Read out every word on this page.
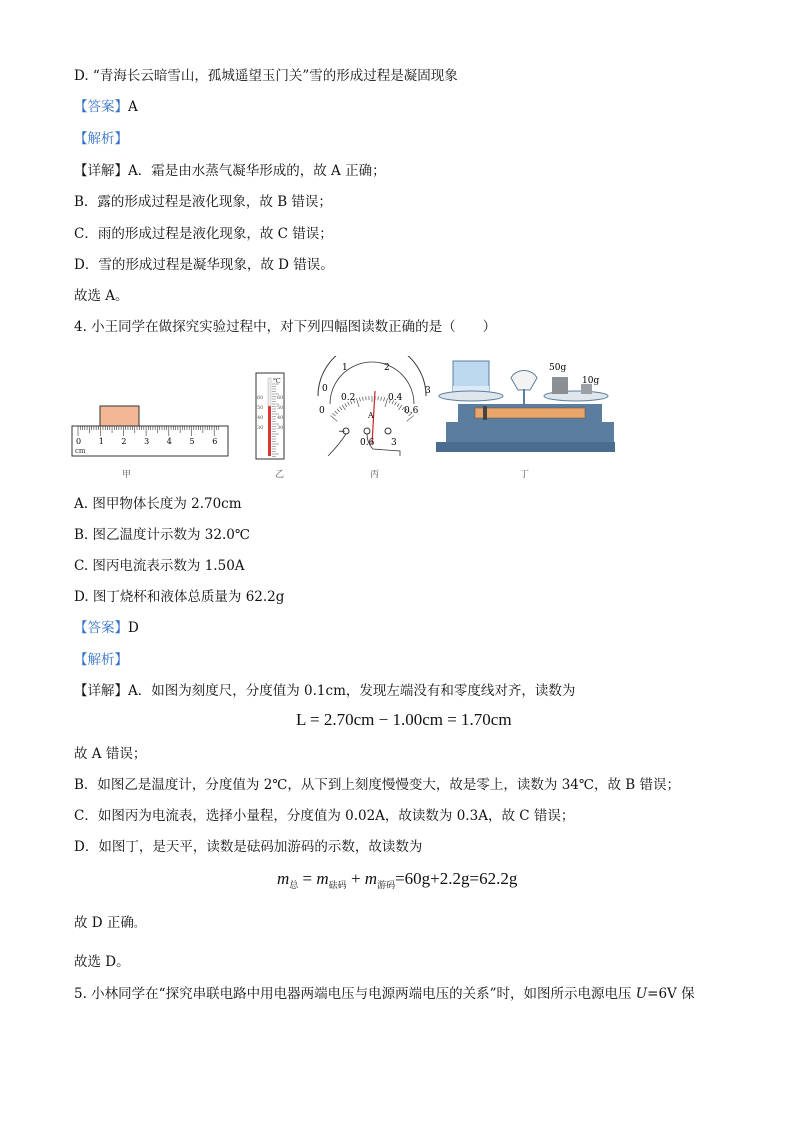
D. “青海长云暗雪山，孤城遥望玉门关”雪的形成过程是凝固现象
【答案】A
【解析】
【详解】A．霜是由水蒸气凝华形成的，故 A 正确；
B．露的形成过程是液化现象，故 B 错误；
C．雨的形成过程是液化现象，故 C 错误；
D．雪的形成过程是凝华现象，故 D 错误。
故选 A。
4. 小王同学在做探究实验过程中，对下列四幅图读数正确的是（　　）
0 1 2 3 4 5 6
cm
℃
60	60
50	50
40	40
30	30
0
1	2
3
0
0.2	0.4
0.6
A
−
0.6 3
50g
10g
甲	乙	丙	丁
A. 图甲物体长度为 2.70cm
B. 图乙温度计示数为 32.0℃
C. 图丙电流表示数为 1.50A
D. 图丁烧杯和液体总质量为 62.2g
【答案】D
【解析】
【详解】A．如图为刻度尺，分度值为 0.1cm，发现左端没有和零度线对齐，读数为
L = 2.70cm − 1.00cm = 1.70cm
故 A 错误；
B．如图乙是温度计，分度值为 2℃，从下到上刻度慢慢变大，故是零上，读数为 34℃，故 B 错误；
C．如图丙为电流表，选择小量程，分度值为 0.02A，故读数为 0.3A，故 C 错误；
D．如图丁，是天平，读数是砝码加游码的示数，故读数为
$m_总 = m_{砝码} + m_{游码}=60g+2.2g=62.2g$
故 D 正确。
故选 D。
5. 小林同学在“探究串联电路中用电器两端电压与电源两端电压的关系”时，如图所示电源电压 U=6V 保
